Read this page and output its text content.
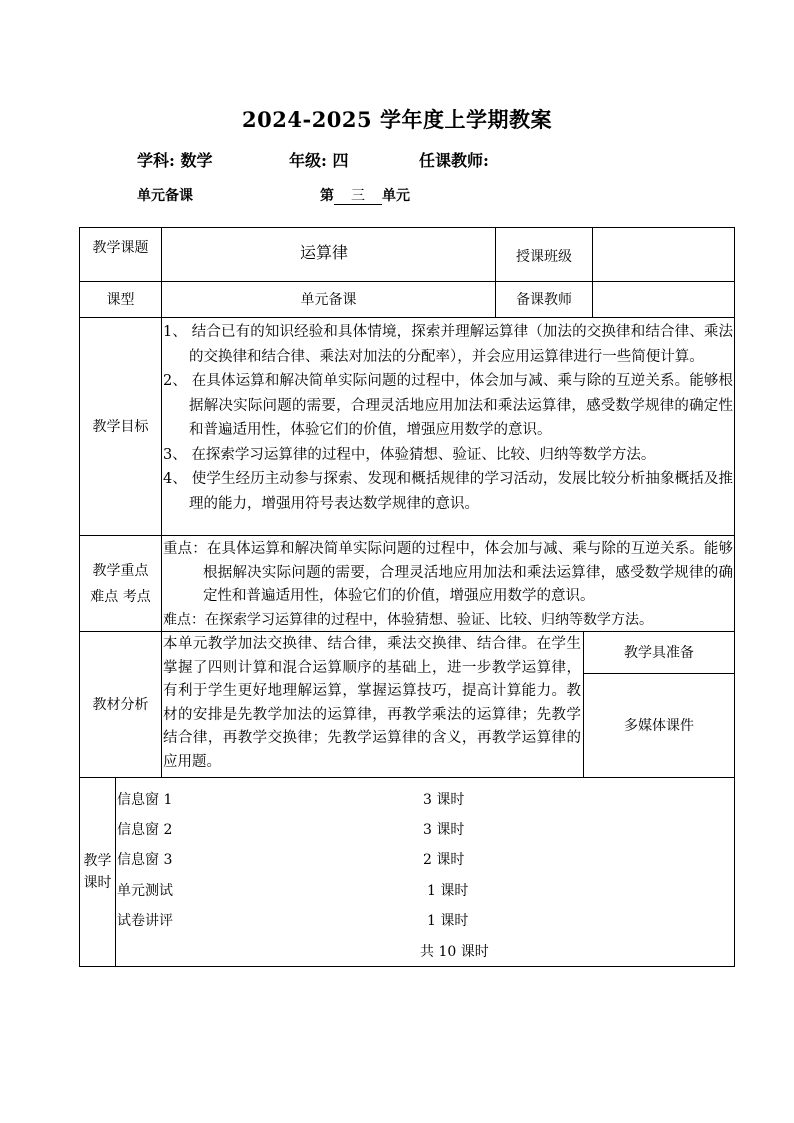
2024-2025 学年度上学期教案
学科: 数学	年级: 四	任课教师:
单元备课	第 三 单元
教学课题	运算律	授课班级
课型	单元备课	备课教师
教学目标

1、 结合已有的知识经验和具体情境，探索并理解运算律（加法的交换律和结合律、乘法的交换律和结合律、乘法对加法的分配率），并会应用运算律进行一些简便计算。

2、 在具体运算和解决简单实际问题的过程中，体会加与减、乘与除的互逆关系。能够根据解决实际问题的需要，合理灵活地应用加法和乘法运算律，感受数学规律的确定性和普遍适用性，体验它们的价值，增强应用数学的意识。

3、 在探索学习运算律的过程中，体验猜想、验证、比较、归纳等数学方法。

4、 使学生经历主动参与探索、发现和概括规律的学习活动，发展比较分析抽象概括及推理的能力，增强用符号表达数学规律的意识。

教学重点
难点 考点

重点：在具体运算和解决简单实际问题的过程中，体会加与减、乘与除的互逆关系。能够根据解决实际问题的需要，合理灵活地应用加法和乘法运算律，感受数学规律的确定性和普遍适用性，体验它们的价值，增强应用数学的意识。

难点：在探索学习运算律的过程中，体验猜想、验证、比较、归纳等数学方法。

教材分析
本单元教学加法交换律、结合律，乘法交换律、结合律。在学生掌握了四则计算和混合运算顺序的基础上，进一步教学运算律，有利于学生更好地理解运算，掌握运算技巧，提高计算能力。教材的安排是先教学加法的运算律，再教学乘法的运算律；先教学结合律，再教学交换律；先教学运算律的含义，再教学运算律的应用题。
教学具准备
多媒体课件
教学
课时
信息窗 1	3 课时
信息窗 2	3 课时
信息窗 3	2 课时
单元测试	1 课时
试卷讲评	1 课时
共 10 课时
